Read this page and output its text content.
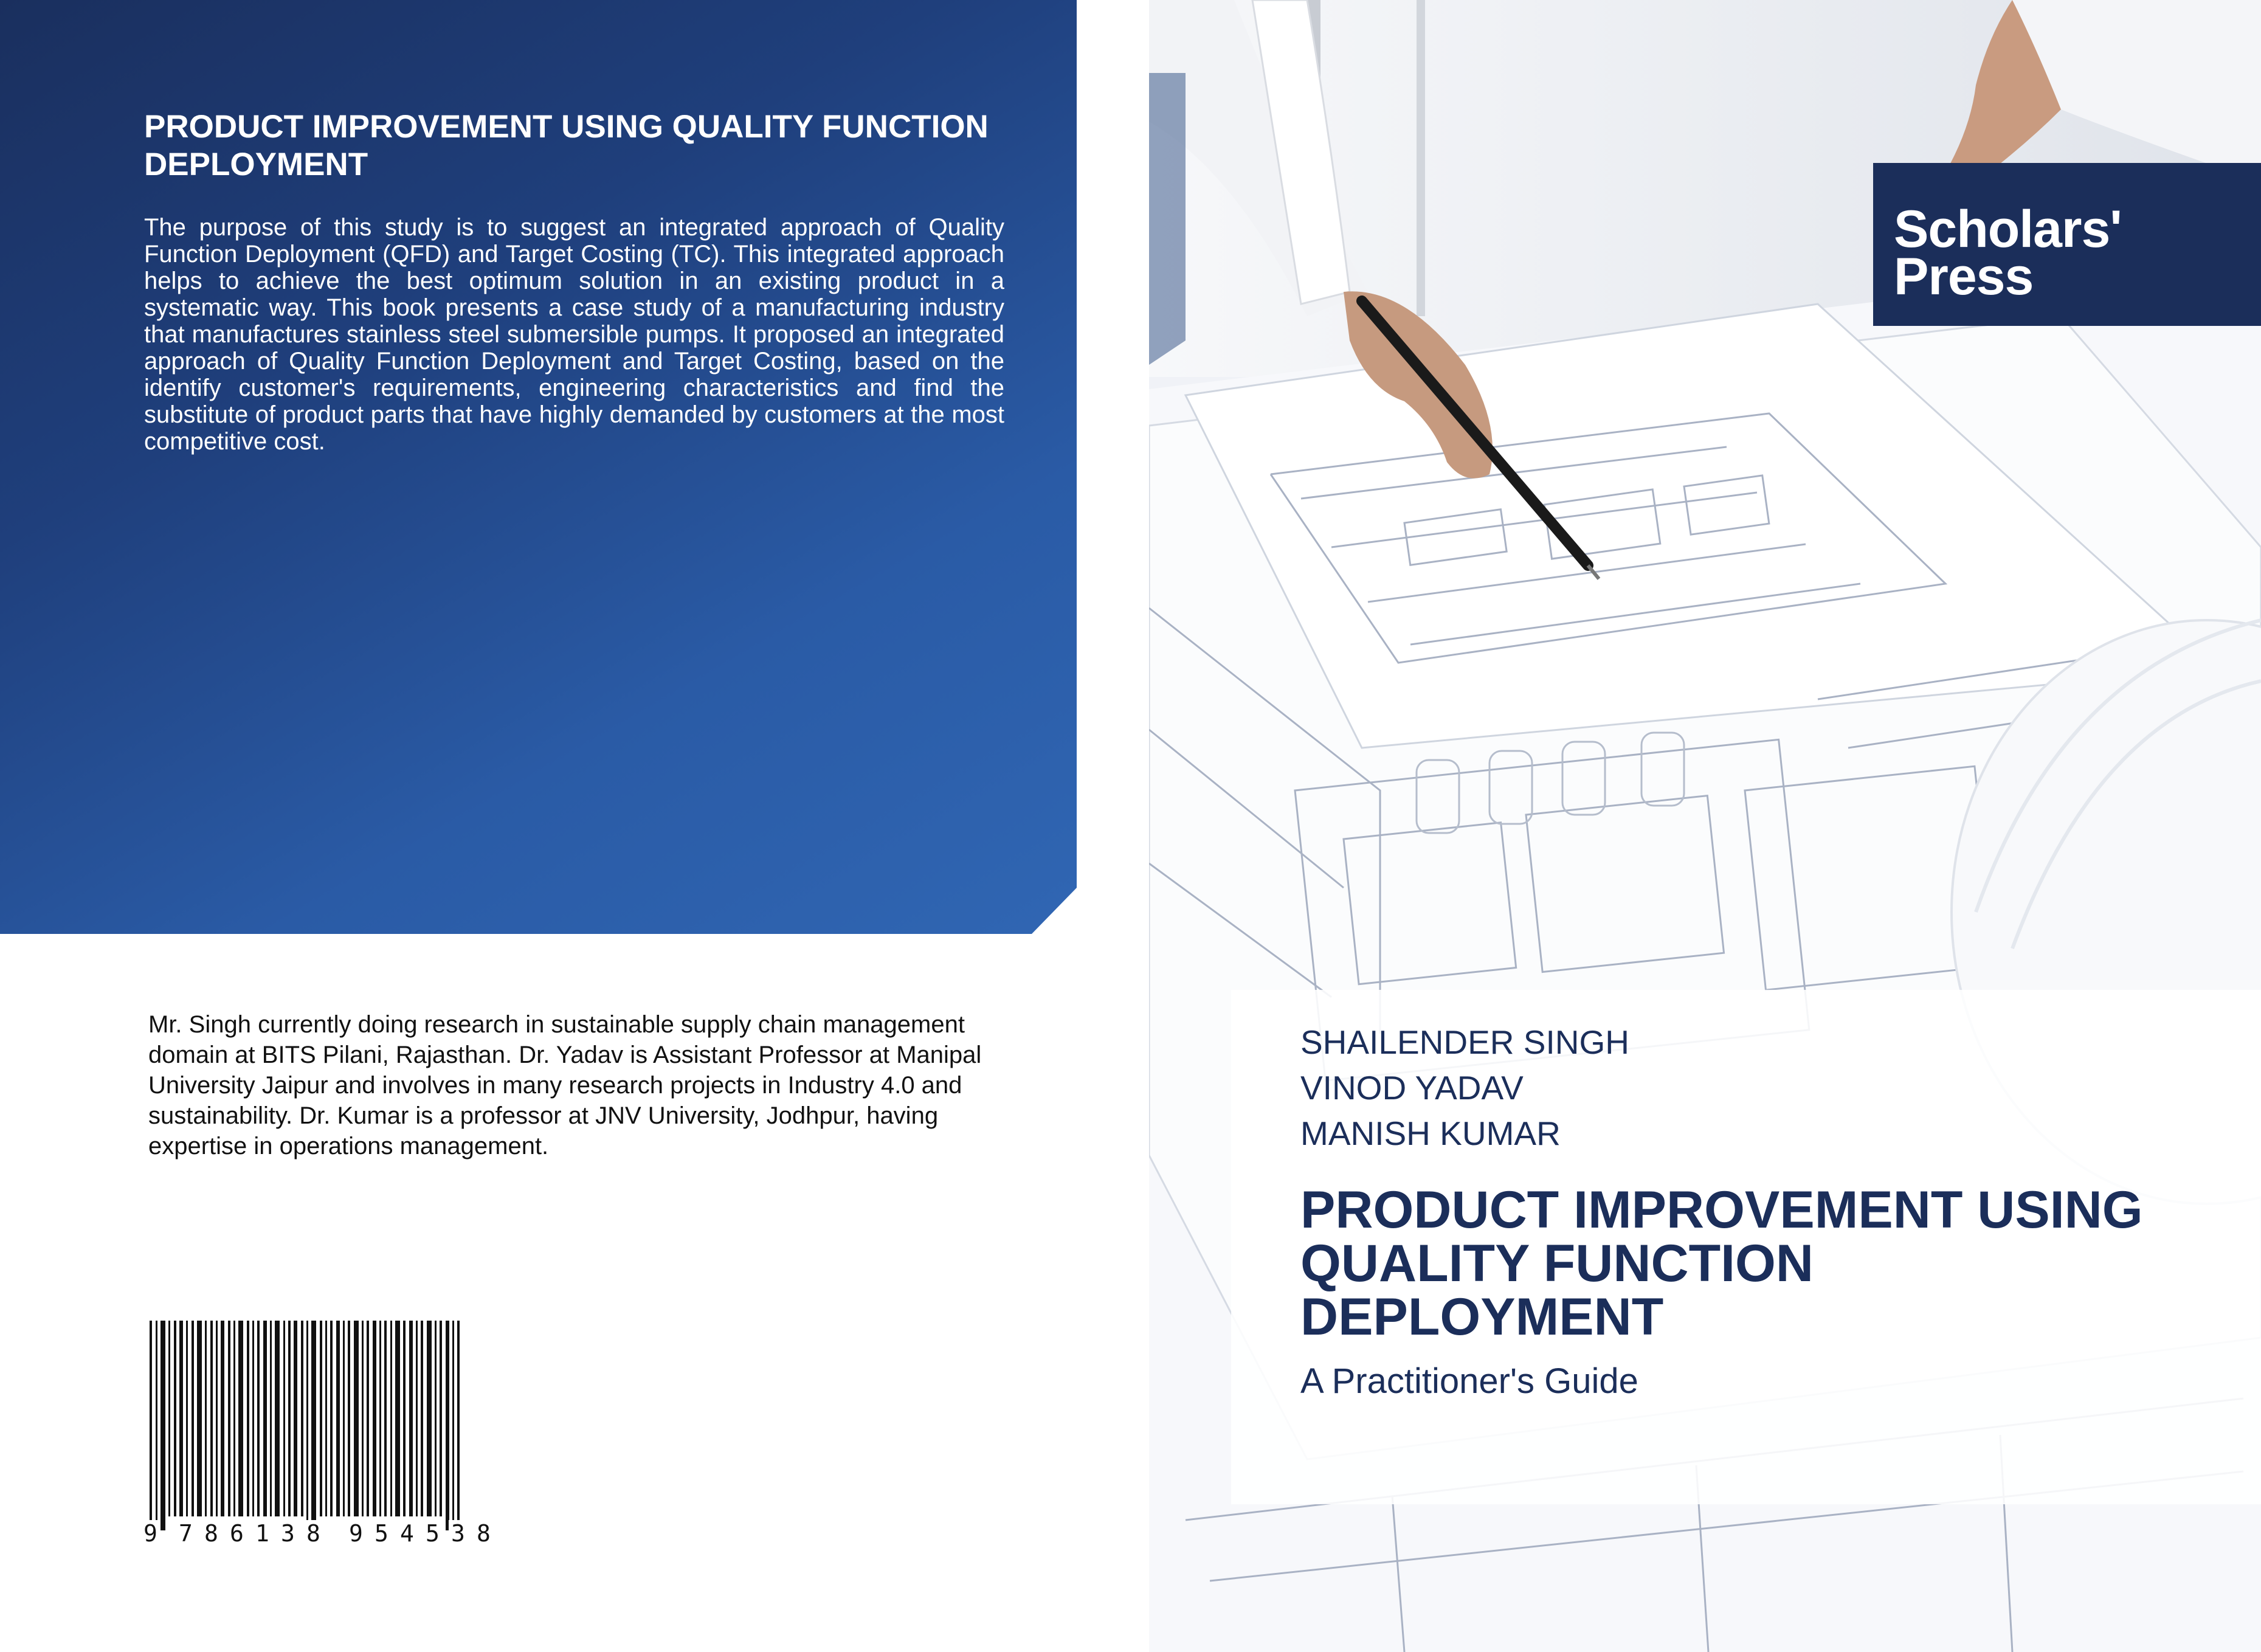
PRODUCT IMPROVEMENT USING QUALITY FUNCTION DEPLOYMENT
The purpose of this study is to suggest an integrated approach of Quality Function Deployment (QFD) and Target Costing (TC). This integrated approach helps to achieve the best optimum solution in an existing product in a systematic way. This book presents a case study of a manufacturing industry that manufactures stainless steel submersible pumps. It proposed an integrated approach of Quality Function Deployment and Target Costing, based on the identify customer's requirements, engineering characteristics and find the substitute of product parts that have highly demanded by customers at the most competitive cost.
Mr. Singh currently doing research in sustainable supply chain management domain at BITS Pilani, Rajasthan. Dr. Yadav is Assistant Professor at Manipal University Jaipur and involves in many research projects in Industry 4.0 and sustainability. Dr. Kumar is a professor at JNV University, Jodhpur, having expertise in operations management.
9 7 8 6 1 3 8 9 5 4 5 3 8
Scholars'
Press
SHAILENDER SINGH
VINOD YADAV
MANISH KUMAR
PRODUCT IMPROVEMENT USING QUALITY FUNCTION DEPLOYMENT
A Practitioner's Guide
